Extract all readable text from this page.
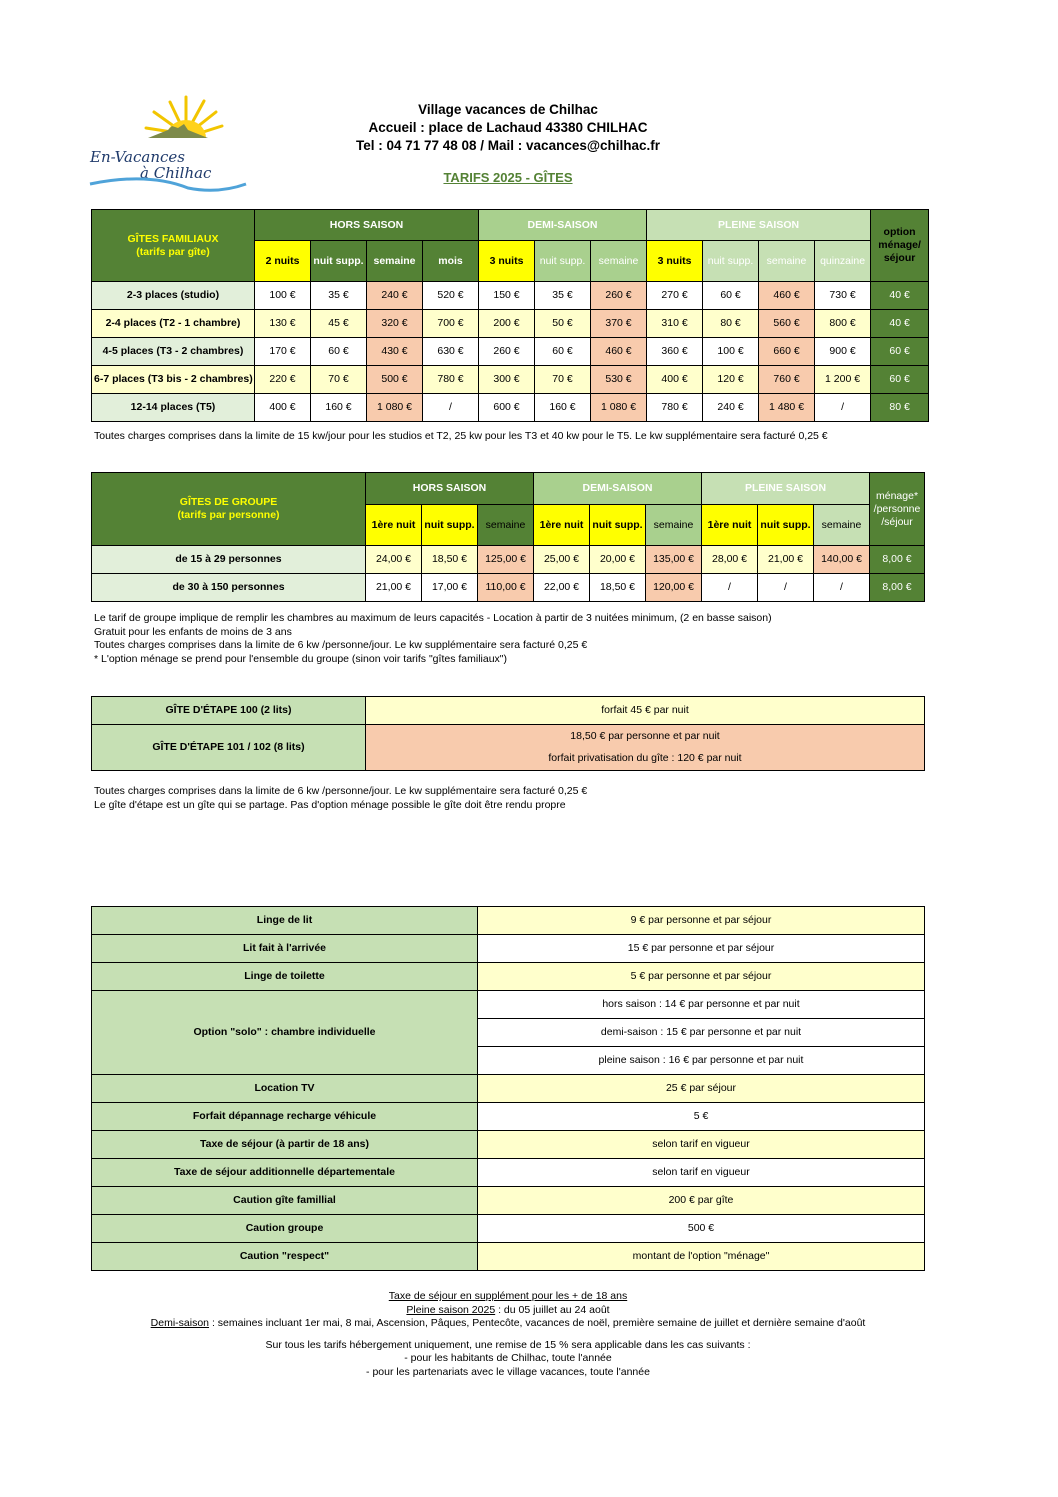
En-Vacances
à Chilhac
Village vacances de Chilhac
Accueil : place de Lachaud 43380 CHILHAC
Tel : 04 71 77 48 08 / Mail : vacances@chilhac.fr
TARIFS 2025 - GÎTES
GÎTES FAMILIAUX
(tarifs par gîte)	HORS SAISON				DEMI-SAISON			PLEINE SAISON				option ménage/ séjour
	2 nuits	nuit supp.	semaine	mois	3 nuits	nuit supp.	semaine	3 nuits	nuit supp.	semaine	quinzaine	
2-3 places (studio)	100 €	35 €	240 €	520 €	150 €	35 €	260 €	270 €	60 €	460 €	730 €	40 €
2-4 places (T2 - 1 chambre)	130 €	45 €	320 €	700 €	200 €	50 €	370 €	310 €	80 €	560 €	800 €	40 €
4-5 places (T3 - 2 chambres)	170 €	60 €	430 €	630 €	260 €	60 €	460 €	360 €	100 €	660 €	900 €	60 €
6-7 places (T3 bis - 2 chambres)	220 €	70 €	500 €	780 €	300 €	70 €	530 €	400 €	120 €	760 €	1 200 €	60 €
12-14 places (T5)	400 €	160 €	1 080 €	/	600 €	160 €	1 080 €	780 €	240 €	1 480 €	/	80 €
Toutes charges comprises dans la limite de 15 kw/jour pour les studios et T2, 25 kw pour les T3 et 40 kw pour le T5. Le kw supplémentaire sera facturé 0,25 €
GÎTES DE GROUPE
(tarifs par personne)	HORS SAISON			DEMI-SAISON			PLEINE SAISON			ménage* /personne /séjour
	1ère nuit	nuit supp.	semaine	1ère nuit	nuit supp.	semaine	1ère nuit	nuit supp.	semaine	
de 15 à 29 personnes	24,00 €	18,50 €	125,00 €	25,00 €	20,00 €	135,00 €	28,00 €	21,00 €	140,00 €	8,00 €
de 30 à 150 personnes	21,00 €	17,00 €	110,00 €	22,00 €	18,50 €	120,00 €	/	/	/	8,00 €
Le tarif de groupe implique de remplir les chambres au maximum de leurs capacités - Location à partir de 3 nuitées minimum, (2 en basse saison)
Gratuit pour les enfants de moins de 3 ans
Toutes charges comprises dans la limite de 6 kw /personne/jour. Le kw supplémentaire sera facturé 0,25 €
* L'option ménage se prend pour l'ensemble du groupe (sinon voir tarifs "gîtes familiaux")
GÎTE D'ÉTAPE 100 (2 lits)	forfait 45 € par nuit
GÎTE D'ÉTAPE 101 / 102 (8 lits)	18,50 € par personne et par nuit
	forfait privatisation du gîte : 120 € par nuit
Toutes charges comprises dans la limite de 6 kw /personne/jour. Le kw supplémentaire sera facturé 0,25 €
Le gîte d'étape est un gîte qui se partage. Pas d'option ménage possible le gîte doit être rendu propre
Linge de lit	9 € par personne et par séjour
Lit fait à l'arrivée	15 € par personne et par séjour
Linge de toilette	5 € par personne et par séjour
Option "solo" : chambre individuelle	hors saison : 14 € par personne et par nuit
	demi-saison : 15 € par personne et par nuit
	pleine saison : 16 € par personne et par nuit
Location TV	25 € par séjour
Forfait dépannage recharge véhicule	5 €
Taxe de séjour (à partir de 18 ans)	selon tarif en vigueur
Taxe de séjour additionnelle départementale	selon tarif en vigueur
Caution gîte famillial	200 € par gîte
Caution groupe	500 €
Caution "respect"	montant de l'option "ménage"
Taxe de séjour en supplément pour les + de 18 ans
Pleine saison 2025 : du 05 juillet au 24 août
Demi-saison : semaines incluant 1er mai, 8 mai, Ascension, Pâques, Pentecôte, vacances de noël, première semaine de juillet et dernière semaine d'août
Sur tous les tarifs hébergement uniquement, une remise de 15 % sera applicable dans les cas suivants :
- pour les habitants de Chilhac, toute l'année
- pour les partenariats avec le village vacances, toute l'année
